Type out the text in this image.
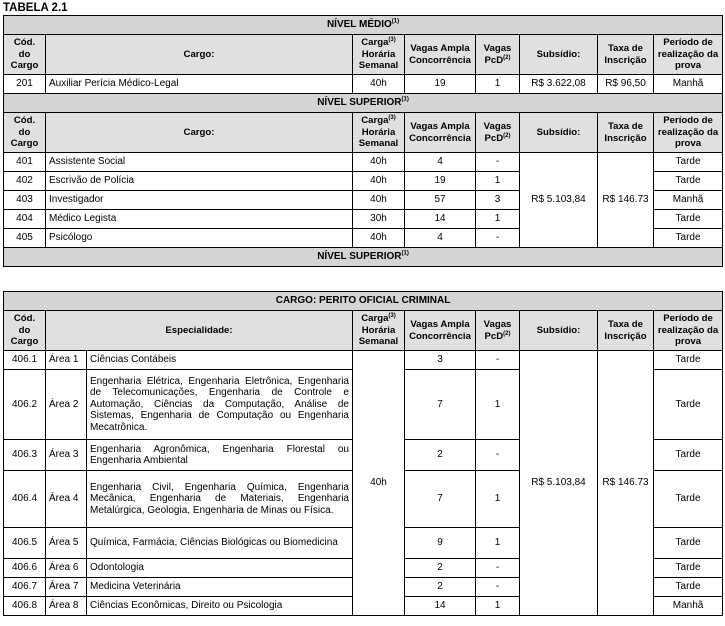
TABELA 2.1
NÍVEL MÉDIO$^{(1)}$
Cód. do Cargo	Cargo:	Carga$^{(3)}$ Horária Semanal	Vagas Ampla Concorrência	Vagas PcD$^{(2)}$	Subsídio:	Taxa de Inscrição	Período de realização da prova
201	Auxiliar Perícia Médico-Legal	40h	19	1	R$ 3.622,08	R$ 96,50	Manhã
NÍVEL SUPERIOR$^{(1)}$
Cód. do Cargo	Cargo:	Carga$^{(3)}$ Horária Semanal	Vagas Ampla Concorrência	Vagas PcD$^{(2)}$	Subsídio:	Taxa de Inscrição	Período de realização da prova
401	Assistente Social	40h	4	-	R$ 5.103,84	R$ 146.73	Tarde
402	Escrivão de Polícia	40h	19	1			Tarde
403	Investigador	40h	57	3			Manhã
404	Médico Legista	30h	14	1			Tarde
405	Psicólogo	40h	4	-			Tarde
NÍVEL SUPERIOR$^{(1)}$
CARGO: PERITO OFICIAL CRIMINAL								
Cód. do Cargo	Especialidade:		Carga$^{(3)}$ Horária Semanal	Vagas Ampla Concorrência	Vagas PcD$^{(2)}$	Subsídio:	Taxa de Inscrição	Período de realização da prova
406.1	Área 1	Ciências Contábeis	40h	3	-	R$ 5.103,84	R$ 146.73	Tarde
406.2	Área 2	Engenharia Elétrica, Engenharia Eletrônica, Engenharia de Telecomunicações, Engenharia de Controle e Automação, Ciências da Computação, Análise de Sistemas, Engenharia de Computação ou Engenharia Mecatrônica.		7	1			Tarde
406.3	Área 3	Engenharia Agronômica, Engenharia Florestal ou Engenharia Ambiental		2	-			Tarde
406.4	Área 4	Engenharia Civil, Engenharia Química, Engenharia Mecânica, Engenharia de Materiais, Engenharia Metalúrgica, Geologia, Engenharia de Minas ou Física.		7	1			Tarde
406.5	Área 5	Química, Farmácia, Ciências Biológicas ou Biomedicina		9	1			Tarde
406.6	Área 6	Odontologia		2	-			Tarde
406.7	Área 7	Medicina Veterinária		2	-			Tarde
406.8	Área 8	Ciências Econômicas, Direito ou Psicologia		14	1			Manhã
